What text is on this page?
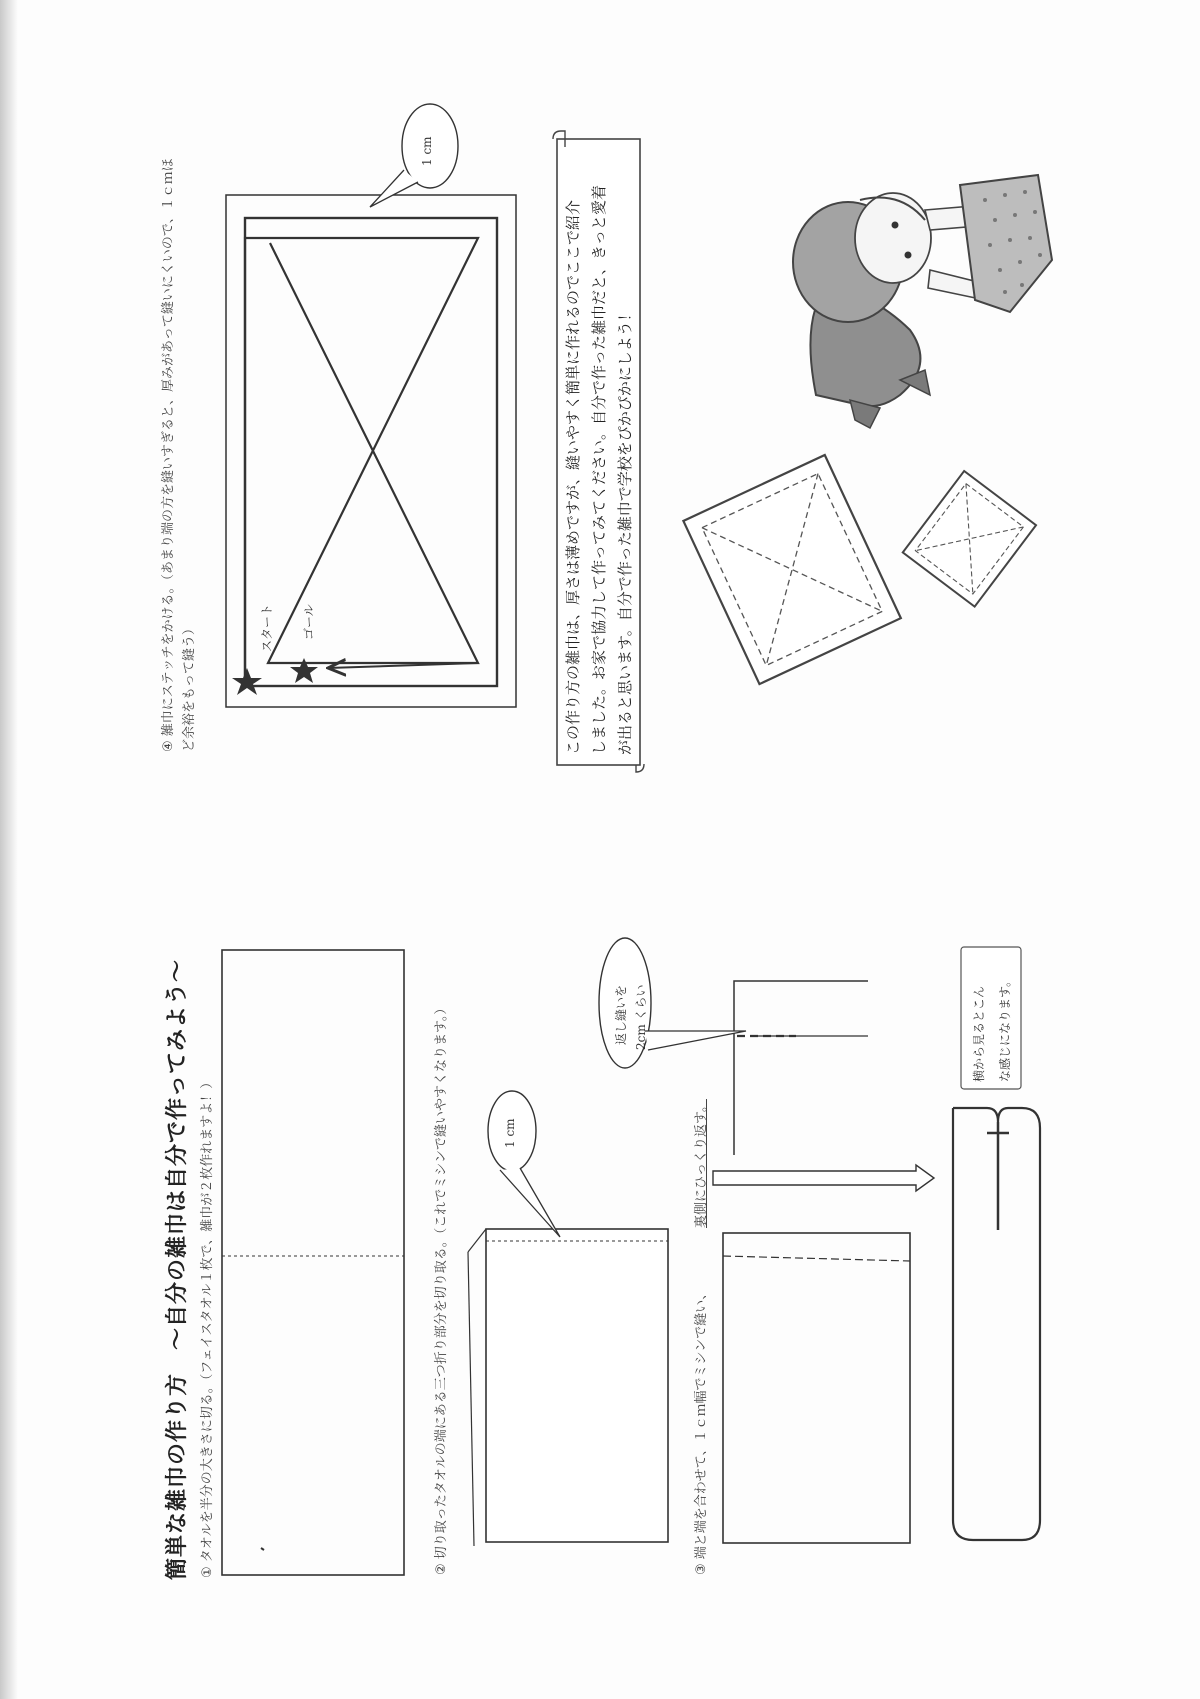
簡単な雑巾の作り方　～自分の雑巾は自分で作ってみよう～ ① タオルを半分の大きさに切る。（フェイスタオル１枚で、雑巾が２枚作れますよ！）	② 切り取ったタオルの端にある三つ折り部分を切り取る。（これでミシンで縫いやすくなります。）	1 cm
③ 端と端を合わせて、１ｃｍ幅でミシンで縫い、
裏側にひっくり返す。
返し縫いを 2cm くらい	横から見るとこん な感じになります。
④ 雑巾にステッチをかける。（あまり端の方を縫いすぎると、厚みがあって縫いにくいので、１ｃｍほ ど余裕をもって縫う）
1 cm
スタート ゴール	この作り方の雑巾は、厚さは薄めですが、縫いやすく簡単に作れるのでここで紹介 しました。お家で協力して作ってみてください。自分で作った雑巾だと、きっと愛着 が出ると思います。自分で作った雑巾で学校をぴかぴかにしよう！
